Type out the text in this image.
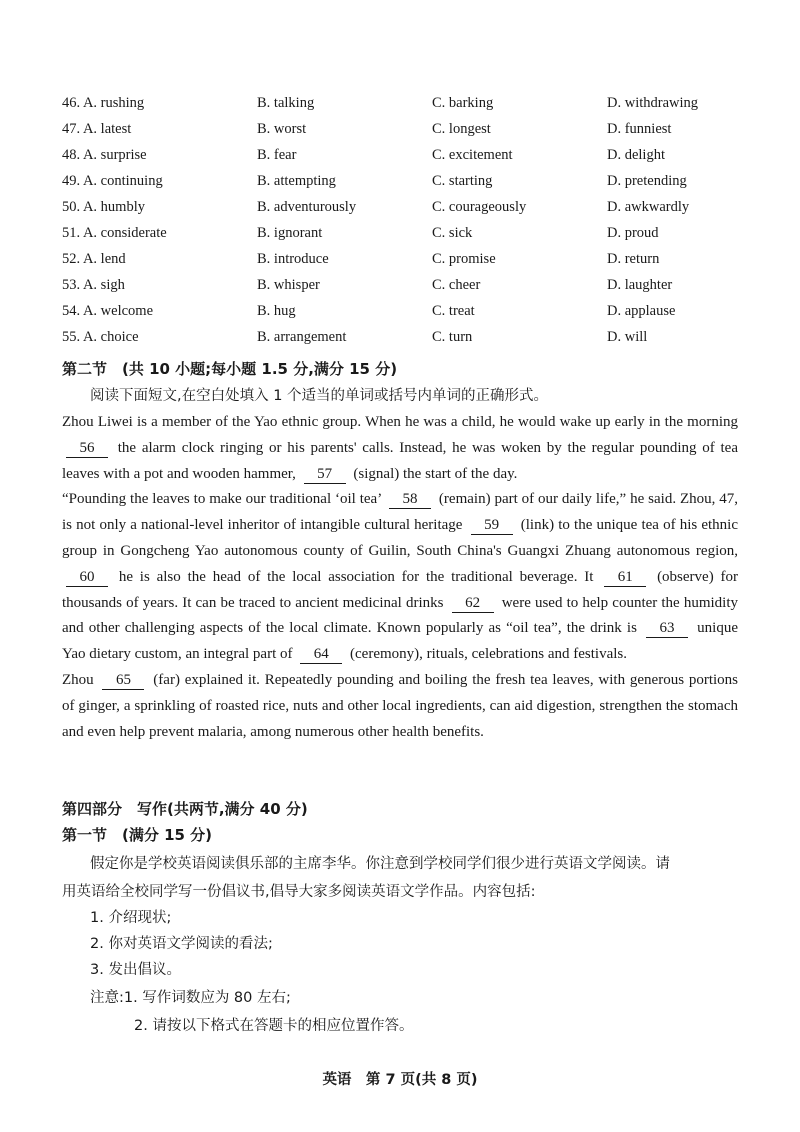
46. A. rushing	B. talking	C. barking	D. withdrawing
47. A. latest	B. worst	C. longest	D. funniest
48. A. surprise	B. fear	C. excitement	D. delight
49. A. continuing	B. attempting	C. starting	D. pretending
50. A. humbly	B. adventurously	C. courageously	D. awkwardly
51. A. considerate	B. ignorant	C. sick	D. proud
52. A. lend	B. introduce	C. promise	D. return
53. A. sigh	B. whisper	C. cheer	D. laughter
54. A. welcome	B. hug	C. treat	D. applause
55. A. choice	B. arrangement	C. turn	D. will
第二节　(共 10 小题;每小题 1.5 分,满分 15 分)
阅读下面短文,在空白处填入 1 个适当的单词或括号内单词的正确形式。

Zhou Liwei is a member of the Yao ethnic group. When he was a child, he would wake up early in the morning 56 the alarm clock ringing or his parents' calls. Instead, he was woken by the regular pounding of tea leaves with a pot and wooden hammer, 57 (signal) the start of the day.

“Pounding the leaves to make our traditional ‘oil tea’ 58 (remain) part of our daily life,” he said. Zhou, 47, is not only a national-level inheritor of intangible cultural heritage 59 (link) to the unique tea of his ethnic group in Gongcheng Yao autonomous county of Guilin, South China's Guangxi Zhuang autonomous region, 60 he is also the head of the local association for the traditional beverage. It 61 (observe) for thousands of years. It can be traced to ancient medicinal drinks 62 were used to help counter the humidity and other challenging aspects of the local climate. Known popularly as “oil tea”, the drink is 63 unique Yao dietary custom, an integral part of 64 (ceremony), rituals, celebrations and festivals.

Zhou 65 (far) explained it. Repeatedly pounding and boiling the fresh tea leaves, with generous portions of ginger, a sprinkling of roasted rice, nuts and other local ingredients, can aid digestion, strengthen the stomach and even help prevent malaria, among numerous other health benefits.

第四部分　写作(共两节,满分 40 分)
第一节　(满分 15 分)
假定你是学校英语阅读俱乐部的主席李华。你注意到学校同学们很少进行英语文学阅读。请
用英语给全校同学写一份倡议书,倡导大家多阅读英语文学作品。内容包括:
1. 介绍现状;
2. 你对英语文学阅读的看法;
3. 发出倡议。
注意:1. 写作词数应为 80 左右;
2. 请按以下格式在答题卡的相应位置作答。
英语　第 7 页(共 8 页)
